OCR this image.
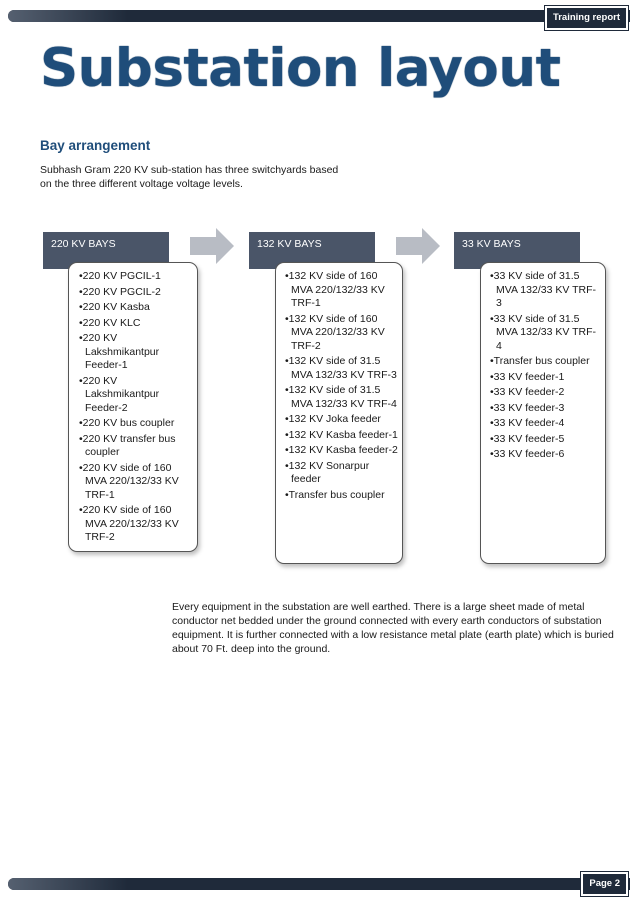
Training report
Substation layout
Bay arrangement

Subhash Gram 220 KV sub-station has three switchyards based on the three different voltage voltage levels.

220 KV BAYS
•220 KV PGCIL-1
•220 KV PGCIL-2
•220 KV Kasba
•220 KV KLC
•220 KV Lakshmikantpur Feeder-1
•220 KV Lakshmikantpur Feeder-2
•220 KV bus coupler
•220 KV transfer bus coupler
•220 KV side of 160 MVA 220/132/33 KV TRF-1
•220 KV side of 160 MVA 220/132/33 KV TRF-2
132 KV BAYS
•132 KV side of 160 MVA 220/132/33 KV TRF-1
•132 KV side of 160 MVA 220/132/33 KV TRF-2
•132 KV side of 31.5 MVA 132/33 KV TRF-3
•132 KV side of 31.5 MVA 132/33 KV TRF-4
•132 KV Joka feeder
•132 KV Kasba feeder-1
•132 KV Kasba feeder-2
•132 KV Sonarpur feeder
•Transfer bus coupler
33 KV BAYS
•33 KV side of 31.5 MVA 132/33 KV TRF-3
•33 KV side of 31.5 MVA 132/33 KV TRF-4
•Transfer bus coupler
•33 KV feeder-1
•33 KV feeder-2
•33 KV feeder-3
•33 KV feeder-4
•33 KV feeder-5
•33 KV feeder-6

Every equipment in the substation are well earthed. There is a large sheet made of metal conductor net bedded under the ground connected with every earth conductors of substation equipment. It is further connected with a low resistance metal plate (earth plate) which is buried about 70 Ft. deep into the ground.

Page 2
